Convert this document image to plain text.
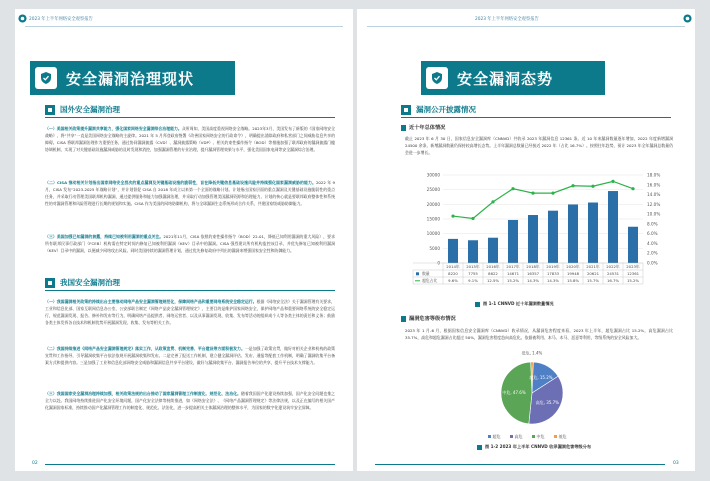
2023 年上半年网络安全观察报告
安全漏洞治理现状
国外安全漏洞治理
（一）美国相关政策提升漏洞共享能力，强化国家网络安全漏洞综合治理能力。众所周知，美国高度重视网络安全战略。2023年3月，美国发布了新版的《国家网络安全战略》，将“共享”一直是美国网络安全战略的主旋律。2021 年 5 月拜登政府签署《改善国家网络安全的行政命令》，明确提出消除政府和私营部门之间威胁信息共享的障碍。CISA 将联邦漏洞治理作为重要任务，通过协同漏洞披露（CVD）、漏洞披露策略（VDP）、相关约束性操作指令（BOD）等措施加强了联邦政府的漏洞披露门槛协调机制，实现了对关键基础设施漏洞威胁的及时发现和消控，加强漏洞管理的专业治理，提升漏洞管理效果与水平，强化美国国家电网等安全漏洞综合治理。
（二）CISA 推动相关计划指出国家网络安全层次的重点漏洞及关键基础设施的脆弱性，旨在降低关键信息基础设施风险并持续强化国家漏洞威胁的能力。2022 年 9 月，CISA 发布“2023-2025 年战略计划”，并计划督促 CISA 自 2018 年成立以来第一个全面的战略计划。计划指出国家层面的重点漏洞及关键基础设施脆弱性的重点任务，并采取行动管理美国联邦机构漏洞，通过提供服务和能力加强漏洞治理，并采取行动加强管理美国漏洞资源和治理能力，计划的核心就是要联邦政府整体性和系统性的对漏洞管理和风险管理进行长期的规划和实施。CISA 作为美国的网络防御机构，将与全球漏洞生态系统形成合作关系，共建国家级威胁防御能力。
（三）美国加强已知漏洞的披露，持续已知被利用漏洞的重点关注。2021年11月，CISA 依照约束性操作指令（BOD）22-01，降低已知利用漏洞的重大风险），要求所有联邦民事行政部门（FCEB）机构需在特定时间内修复已知被利用漏洞（KEV）目录中的漏洞。CISA 强烈建议所有机构监控该目录，并优先修复已知被利用漏洞（KEV）目录中的漏洞，以便减少网络攻击风险。同时美国持续的漏洞管理计划，通过优先修复政府中列出的漏洞来增强国家安全性和防御能力。
我国安全漏洞治理
（一）我国漏洞相关政策的持续出台主要推动网络产品安全漏洞管理规范化，保障网络产品和重要网络系统安全稳定运行。根据《网络安全法》关于漏洞管理有关要求，工业和信息化部、国家互联网信息办公室、公安部联合制定《网络产品安全漏洞管理规定》，主要目的是维护国家网络安全，保护网络产品和重要网络系统的安全稳定运行，规范漏洞发现、报告、修补和发布等行为，明确网络产品提供者、网络运营者、以及从事漏洞发现、收集、发布等活动的组织或个人等各类主体的责任和义务；鼓励各类主体发挥各自技术和机制优势开展漏洞发现、收集、发布等相关工作。
（二）我国持续推进《网络产品安全漏洞管理规定》落实工作，从政策宣贯、机制完善、平台建设等方面积极发力。一是加强了政策宣贯，做好对相关企业和机构的政策宣贯和工作指导，引导漏洞收集平台依法依规开展漏洞收集和发布。二是完善了报送工作机制，建立健全漏洞评估、发布、通报等配套工作机制，明确了漏洞收集平台备案方式和提供内容。三是加强了工业和信息化部网络安全威胁和漏洞信息共享平台建设，做好与漏洞收集平台、漏洞报告单位的共享，提升平台技术支撑能力。
（三）我国国家安全漏洞治理持续加强，相关政策法规的出台推动了国家漏洞管理工作制度化、规范化、法治化。随着我国国产化建设持续加强，国产化安全问题也推之全力以赴。我国网络持续推进国产化安全环境问题，国产化安全法律等持续推进，如《网络安全法》、《网络产品漏洞管理规定》等法律法规，以及正在编写的相关国产化漏洞国家标准，持续推动国产化漏洞管理工作的制度化、规范化、法治化，进一步提高相关主体漏洞治理的整体水平，为国家的数字化建设筑牢安全屏障。
02
2023 年上半年网络安全观察报告
安全漏洞态势
漏洞公开披露情况
近十年总体情况
截止 2023 年 6 月 30 日，国家信息安全漏洞库（CNNVD）共收录 2023 年漏洞信息 12361 条。近 10 年来漏洞数量逐年增加，2022 年度新增漏洞 24500 余条，新增漏洞数量仍保持较高增长态势。上半年漏洞总数量已经接近 2022 年（占比 16.7%）。按照往年趋势，预计 2023 年全年漏洞总数量仍会进一步增长。
30000
25000
20000
15000
10000
5000
0
18.0%
16.0%
14.0%
12.0%
10.0%
8.0%
6.0%
4.0%
2.0%
0.0%
2014年 2015年 2016年 2017年 2018年 2019年 2020年 2021年 2022年 2023年
数量	8220	7755	8622 14671 16357 17833 19948 20621 24531 12361
超危占比	9.6%	9.1% 12.5% 15.2% 14.3% 14.3% 15.8% 15.7% 16.7% 15.2%
图 1-1 CNNVD 近十年漏洞数量情况
漏洞危害等级布情况
2023 年 1 月-6 月，根据国家信息安全漏洞库（CNNVD）收录情况，从漏洞危害程度来看，2023 年上半年，超危漏洞占比 15.2%，高危漏洞占比 35.7%，高危和超危漏洞占比超过 50%，漏洞危害程度趋向高危化。依据被利用、本马、木马、恶意等利用，等级系统的安全风险加大。
超危, 15.2%
高危, 35.7%
中危, 47.6%
低危, 1.4%
超危	高危	中危	低危
图 1-2 2023 年上半年 CNNVD 收录漏洞危害等级分布
03
